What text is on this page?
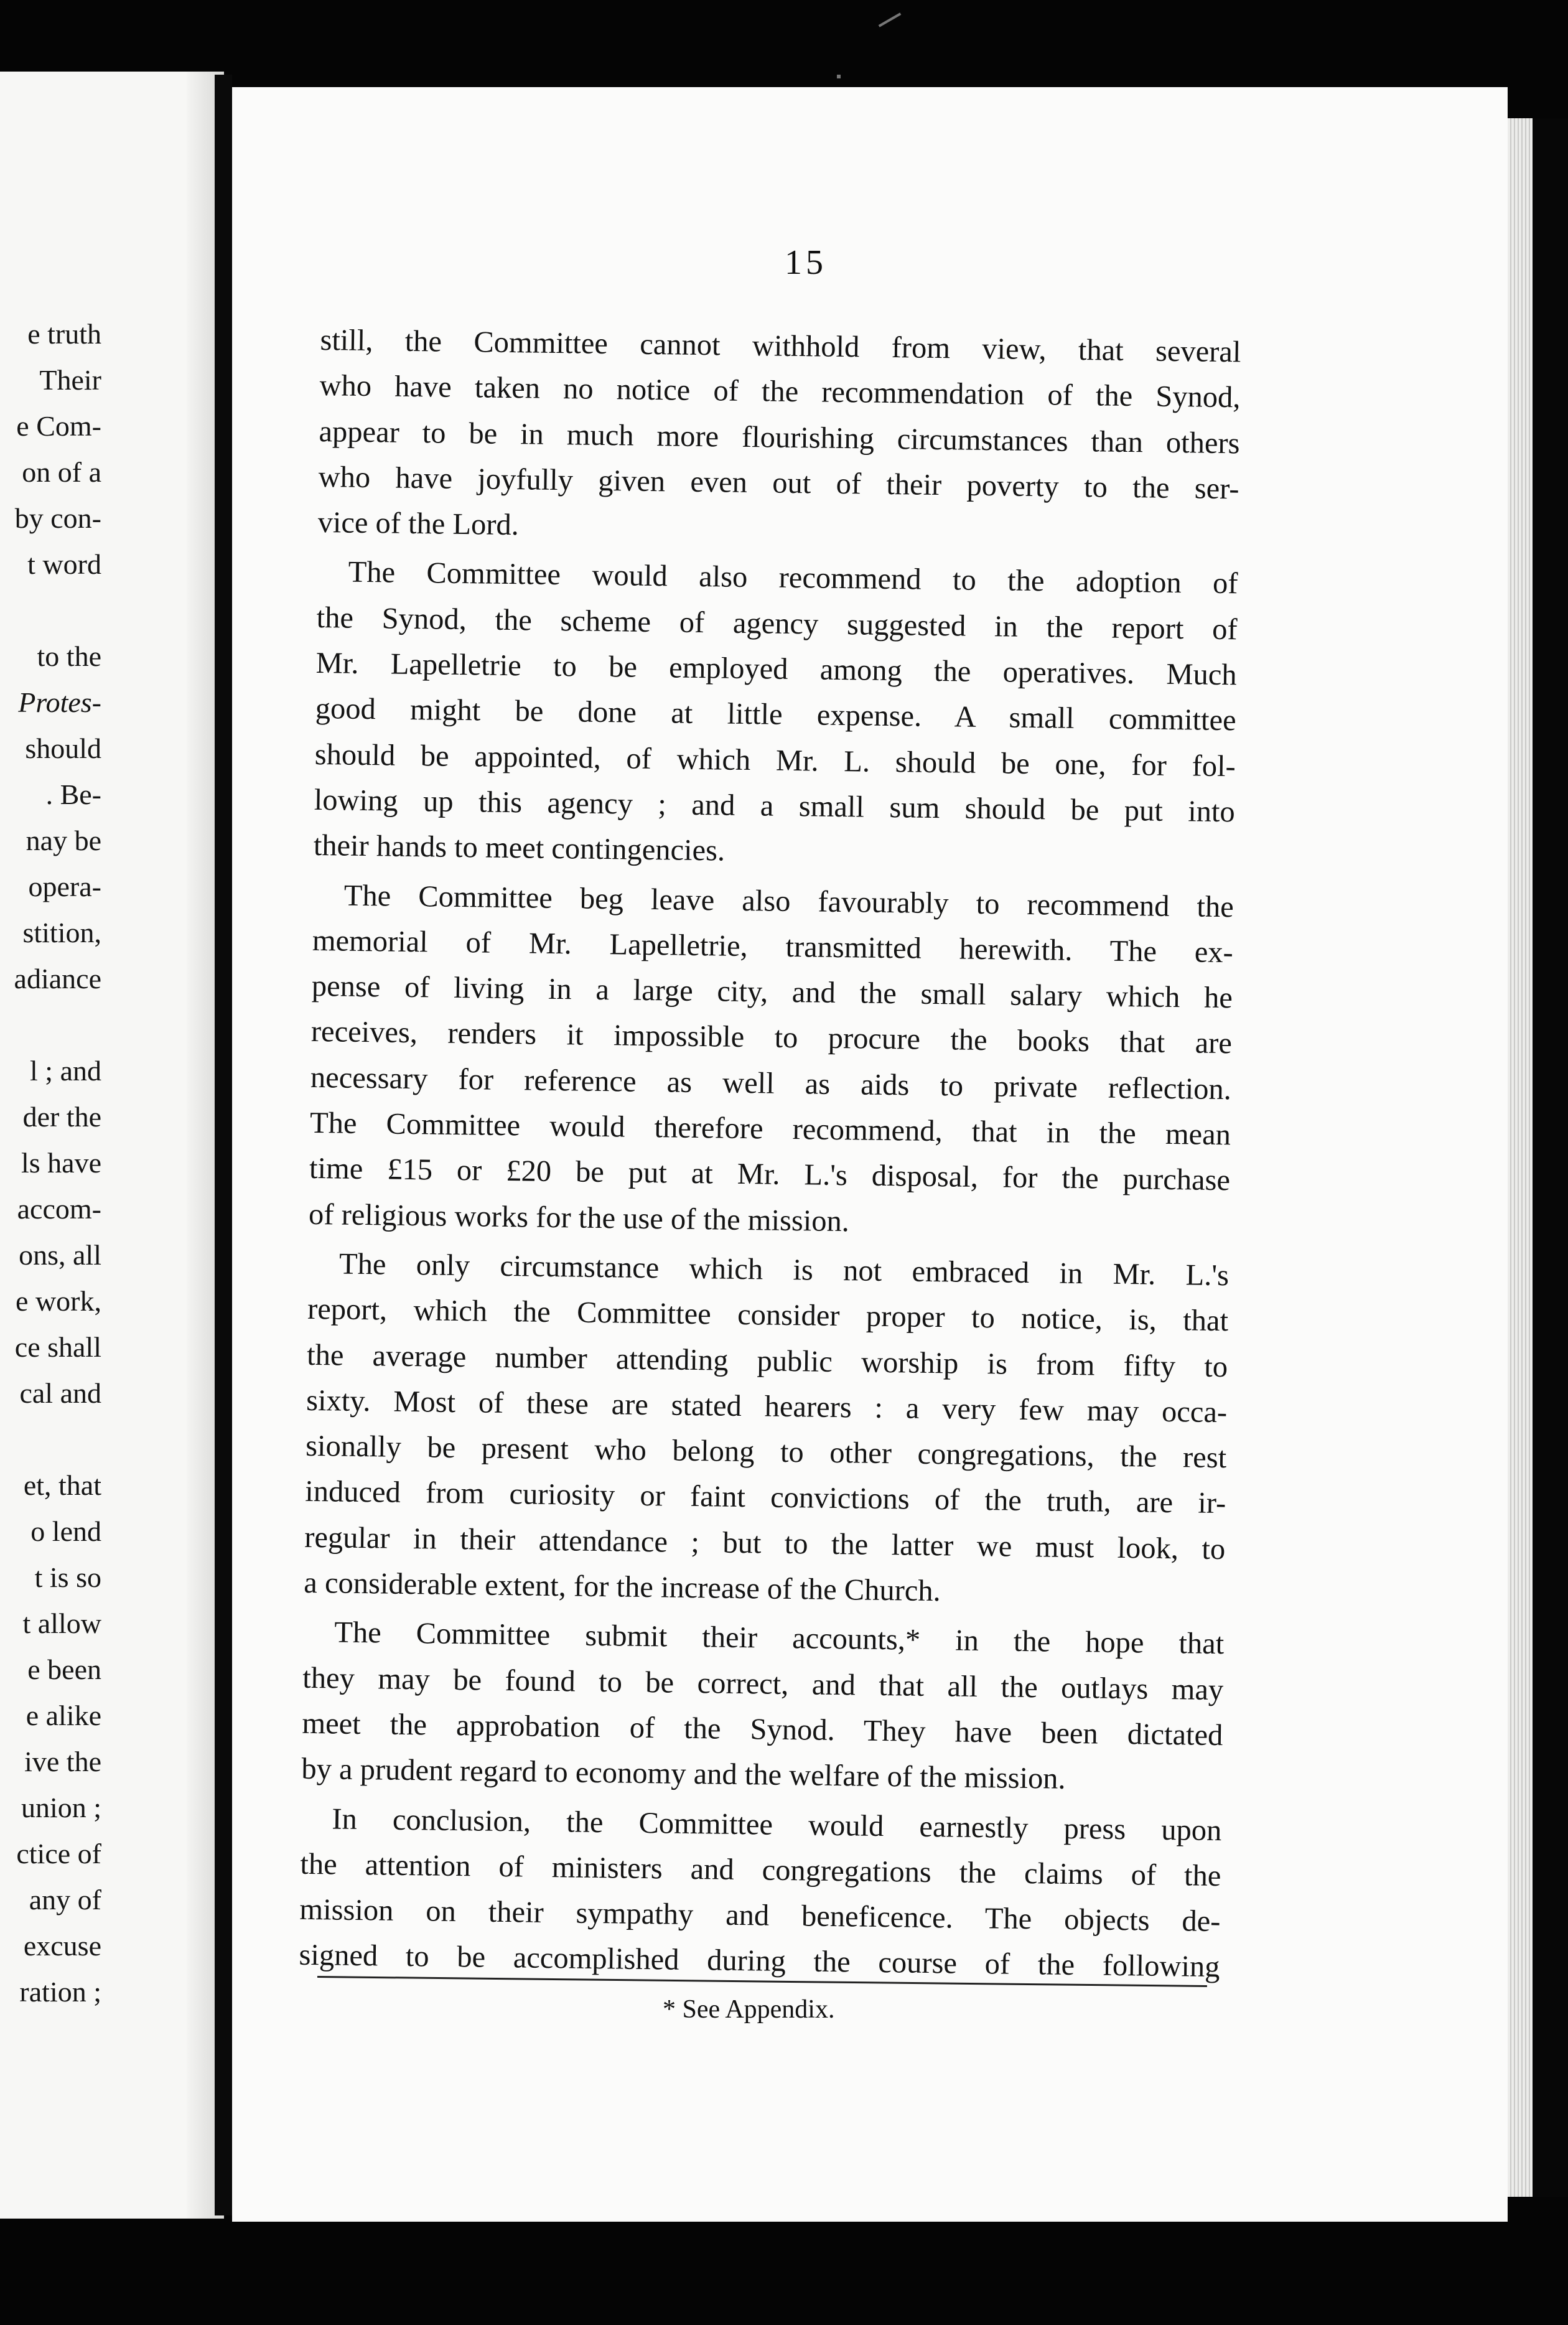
e truth
Their
e Com-
on of a
by con-
t word
to the
Protes-
should
. Be-
nay be
opera-
stition,
adiance
l ; and
der the
ls have
accom-
ons, all
e work,
ce shall
cal and
et, that
o lend
t is so
t allow
e been
e alike
ive the
union ;
ctice of
any of
excuse
ration ;
15
still, the Committee cannot withhold from view, that several
who have taken no notice of the recommendation of the Synod,
appear to be in much more flourishing circumstances than others
who have joyfully given even out of their poverty to the ser-
vice of the Lord.
The Committee would also recommend to the adoption of
the Synod, the scheme of agency suggested in the report of
Mr. Lapelletrie to be employed among the operatives. Much
good might be done at little expense. A small committee
should be appointed, of which Mr. L. should be one, for fol-
lowing up this agency ; and a small sum should be put into
their hands to meet contingencies.
The Committee beg leave also favourably to recommend the
memorial of Mr. Lapelletrie, transmitted herewith. The ex-
pense of living in a large city, and the small salary which he
receives, renders it impossible to procure the books that are
necessary for reference as well as aids to private reflection.
The Committee would therefore recommend, that in the mean
time £15 or £20 be put at Mr. L.'s disposal, for the purchase
of religious works for the use of the mission.
The only circumstance which is not embraced in Mr. L.'s
report, which the Committee consider proper to notice, is, that
the average number attending public worship is from fifty to
sixty. Most of these are stated hearers : a very few may occa-
sionally be present who belong to other congregations, the rest
induced from curiosity or faint convictions of the truth, are ir-
regular in their attendance ; but to the latter we must look, to
a considerable extent, for the increase of the Church.
The Committee submit their accounts,* in the hope that
they may be found to be correct, and that all the outlays may
meet the approbation of the Synod. They have been dictated
by a prudent regard to economy and the welfare of the mission.
In conclusion, the Committee would earnestly press upon
the attention of ministers and congregations the claims of the
mission on their sympathy and beneficence. The objects de-
signed to be accomplished during the course of the following
* See Appendix.
